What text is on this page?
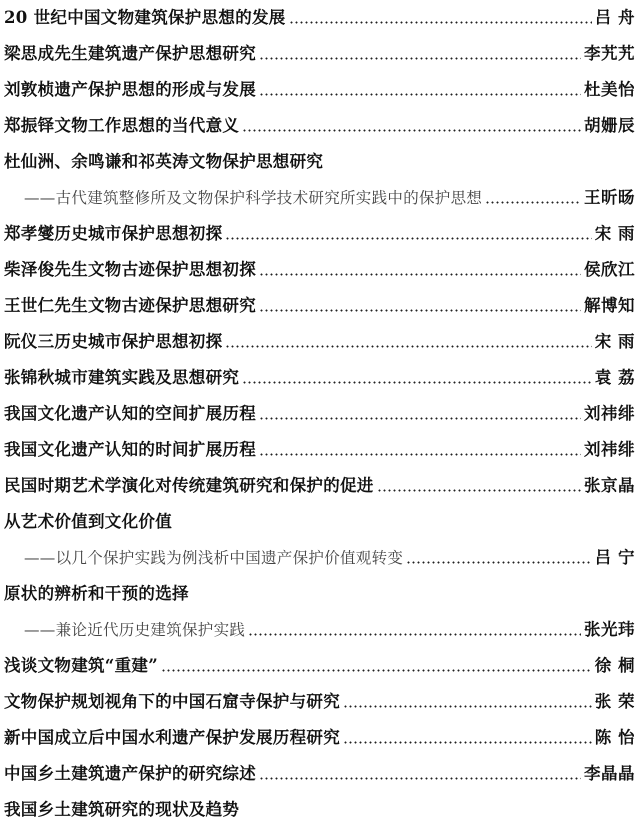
20 世纪中国文物建筑保护思想的发展	吕 舟
梁思成先生建筑遗产保护思想研究	李艽艽
刘敦桢遗产保护思想的形成与发展	杜美怡
郑振铎文物工作思想的当代意义	胡姗辰
杜仙洲、余鸣谦和祁英涛文物保护思想研究
——古代建筑整修所及文物保护科学技术研究所实践中的保护思想	王昕旸
郑孝燮历史城市保护思想初探	宋 雨
柴泽俊先生文物古迹保护思想初探	侯欣江
王世仁先生文物古迹保护思想研究	解博知
阮仪三历史城市保护思想初探	宋 雨
张锦秋城市建筑实践及思想研究	袁 荔
我国文化遗产认知的空间扩展历程	刘祎绯
我国文化遗产认知的时间扩展历程	刘祎绯
民国时期艺术学演化对传统建筑研究和保护的促进	张京晶
从艺术价值到文化价值
——以几个保护实践为例浅析中国遗产保护价值观转变	吕 宁
原状的辨析和干预的选择
——兼论近代历史建筑保护实践	张光玮
浅谈文物建筑“重建”	徐 桐
文物保护规划视角下的中国石窟寺保护与研究	张 荣
新中国成立后中国水利遗产保护发展历程研究	陈 怡
中国乡土建筑遗产保护的研究综述	李晶晶
我国乡土建筑研究的现状及趋势
